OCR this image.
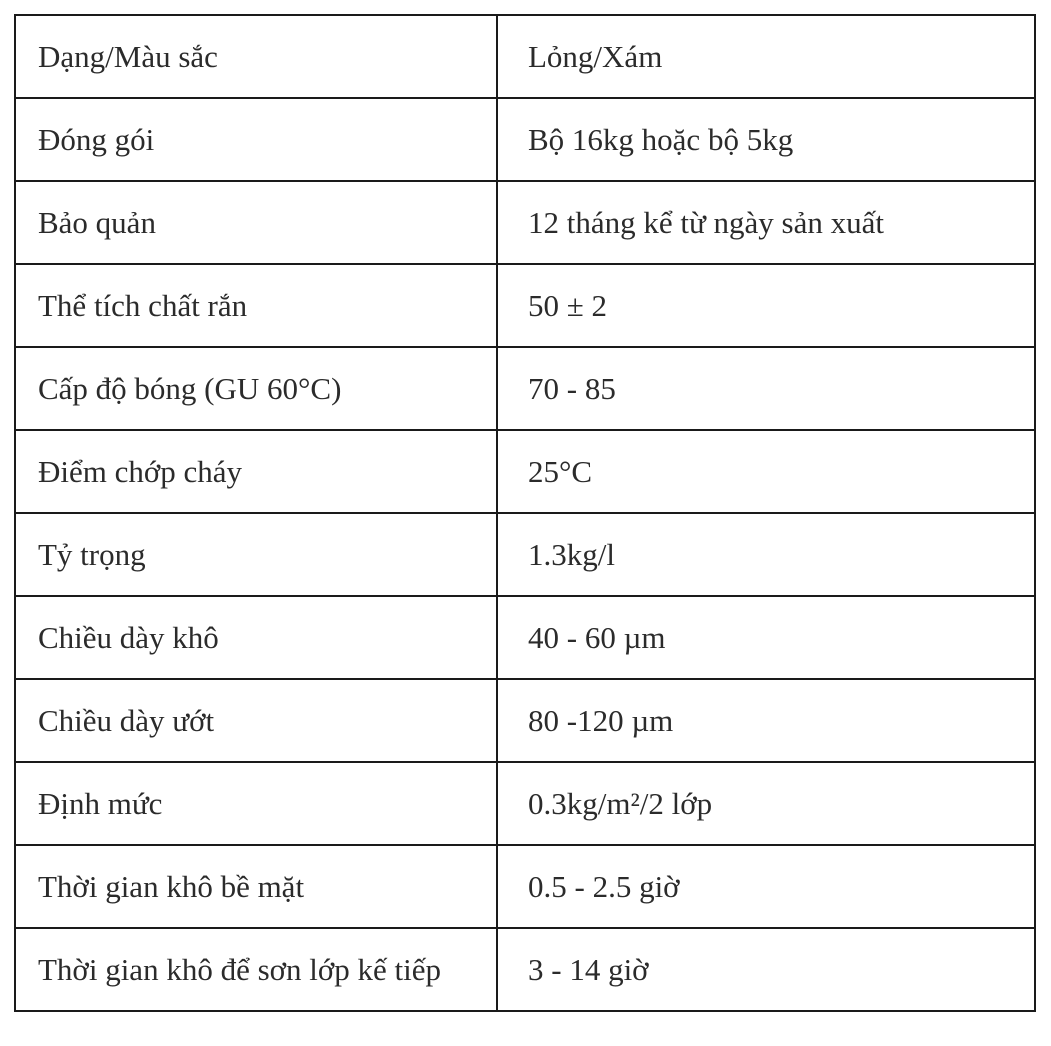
Dạng/Màu sắc	Lỏng/Xám
Đóng gói	Bộ 16kg hoặc bộ 5kg
Bảo quản	12 tháng kể từ ngày sản xuất
Thể tích chất rắn	50 ± 2
Cấp độ bóng (GU 60°C)	70 - 85
Điểm chớp cháy	25°C
Tỷ trọng	1.3kg/l
Chiều dày khô	40 - 60 µm
Chiều dày ướt	80 -120 µm
Định mức	0.3kg/m²/2 lớp
Thời gian khô bề mặt	0.5 - 2.5 giờ
Thời gian khô để sơn lớp kế tiếp	3 - 14 giờ
